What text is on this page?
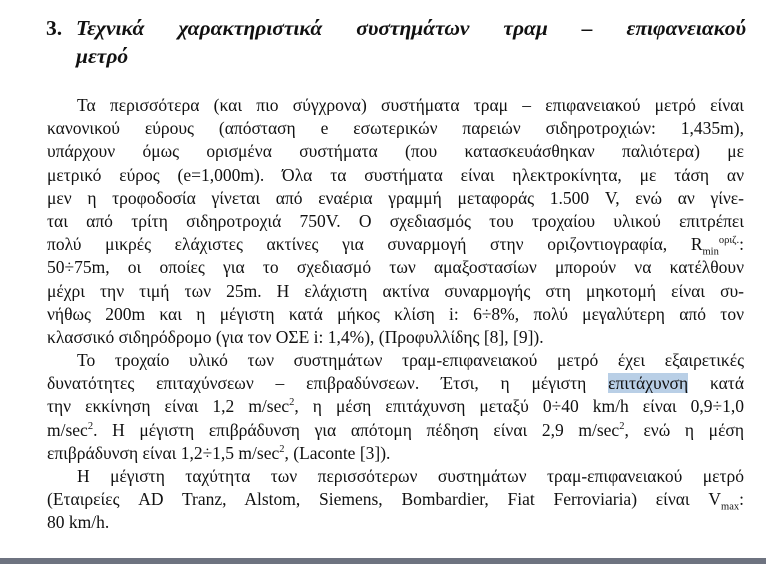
3. Τεχνικά χαρακτηριστικά συστημάτων τραμ – επιφανειακού
μετρό
Τα περισσότερα (και πιο σύγχρονα) συστήματα τραμ – επιφανειακού μετρό είναι
κανονικού εύρους (απόσταση e εσωτερικών παρειών σιδηροτροχιών: 1,435m),
υπάρχουν όμως ορισμένα συστήματα (που κατασκευάσθηκαν παλιότερα) με
μετρικό εύρος (e=1,000m). Όλα τα συστήματα είναι ηλεκτροκίνητα, με τάση αν
μεν η τροφοδοσία γίνεται από εναέρια γραμμή μεταφοράς 1.500 V, ενώ αν γίνε-
ται από τρίτη σιδηροτροχιά 750V. Ο σχεδιασμός του τροχαίου υλικού επιτρέπει
πολύ μικρές ελάχιστες ακτίνες για συναρμογή στην οριζοντιογραφία, $R_{min}^{o\rho\iota\zeta.}$:
50÷75m, οι οποίες για το σχεδιασμό των αμαξοστασίων μπορούν να κατέλθουν
μέχρι την τιμή των 25m. Η ελάχιστη ακτίνα συναρμογής στη μηκοτομή είναι συ-
νήθως 200m και η μέγιστη κατά μήκος κλίση i: 6÷8%, πολύ μεγαλύτερη από τον
κλασσικό σιδηρόδρομο (για τον ΟΣΕ i: 1,4%), (Προφυλλίδης [8], [9]).
Το τροχαίο υλικό των συστημάτων τραμ-επιφανειακού μετρό έχει εξαιρετικές
δυνατότητες επιταχύνσεων – επιβραδύνσεων. Έτσι, η μέγιστη επιτάχυνση κατά
την εκκίνηση είναι 1,2 $m/\sec^2$, η μέση επιτάχυνση μεταξύ 0÷40 km/h είναι 0,9÷1,0
$m/\sec^2$. Η μέγιστη επιβράδυνση για απότομη πέδηση είναι 2,9 $m/\sec^2$, ενώ η μέση
επιβράδυνση είναι 1,2÷1,5 $m/\sec^2$, (Laconte [3]).
Η μέγιστη ταχύτητα των περισσότερων συστημάτων τραμ-επιφανειακού μετρό
(Εταιρείες AD Tranz, Alstom, Siemens, Bombardier, Fiat Ferroviaria) είναι $V_{max}$:
80 km/h.
